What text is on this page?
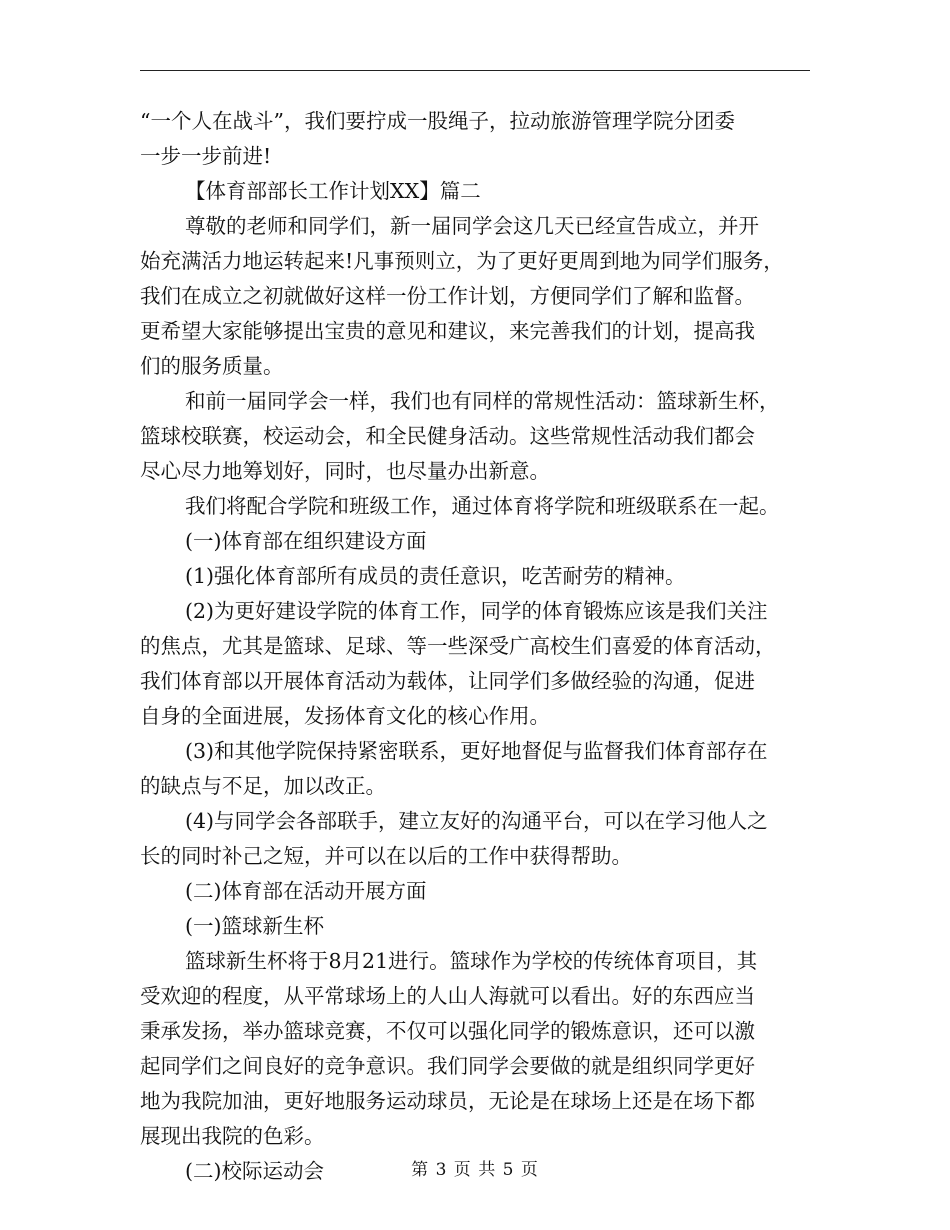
“一个人在战斗”，我们要拧成一股绳子，拉动旅游管理学院分团委
一步一步前进!
【体育部部长工作计划XX】篇二
尊敬的老师和同学们，新一届同学会这几天已经宣告成立，并开
始充满活力地运转起来!凡事预则立，为了更好更周到地为同学们服务，
我们在成立之初就做好这样一份工作计划，方便同学们了解和监督。
更希望大家能够提出宝贵的意见和建议，来完善我们的计划，提高我
们的服务质量。
和前一届同学会一样，我们也有同样的常规性活动：篮球新生杯，
篮球校联赛，校运动会，和全民健身活动。这些常规性活动我们都会
尽心尽力地筹划好，同时，也尽量办出新意。
我们将配合学院和班级工作，通过体育将学院和班级联系在一起。
(一)体育部在组织建设方面
(1)强化体育部所有成员的责任意识，吃苦耐劳的精神。
(2)为更好建设学院的体育工作，同学的体育锻炼应该是我们关注
的焦点，尤其是篮球、足球、等一些深受广高校生们喜爱的体育活动，
我们体育部以开展体育活动为载体，让同学们多做经验的沟通，促进
自身的全面进展，发扬体育文化的核心作用。
(3)和其他学院保持紧密联系，更好地督促与监督我们体育部存在
的缺点与不足，加以改正。
(4)与同学会各部联手，建立友好的沟通平台，可以在学习他人之
长的同时补己之短，并可以在以后的工作中获得帮助。
(二)体育部在活动开展方面
(一)篮球新生杯
篮球新生杯将于8月21进行。篮球作为学校的传统体育项目，其
受欢迎的程度，从平常球场上的人山人海就可以看出。好的东西应当
秉承发扬，举办篮球竞赛，不仅可以强化同学的锻炼意识，还可以激
起同学们之间良好的竞争意识。我们同学会要做的就是组织同学更好
地为我院加油，更好地服务运动球员，无论是在球场上还是在场下都
展现出我院的色彩。
(二)校际运动会	第 3 页 共 5 页
